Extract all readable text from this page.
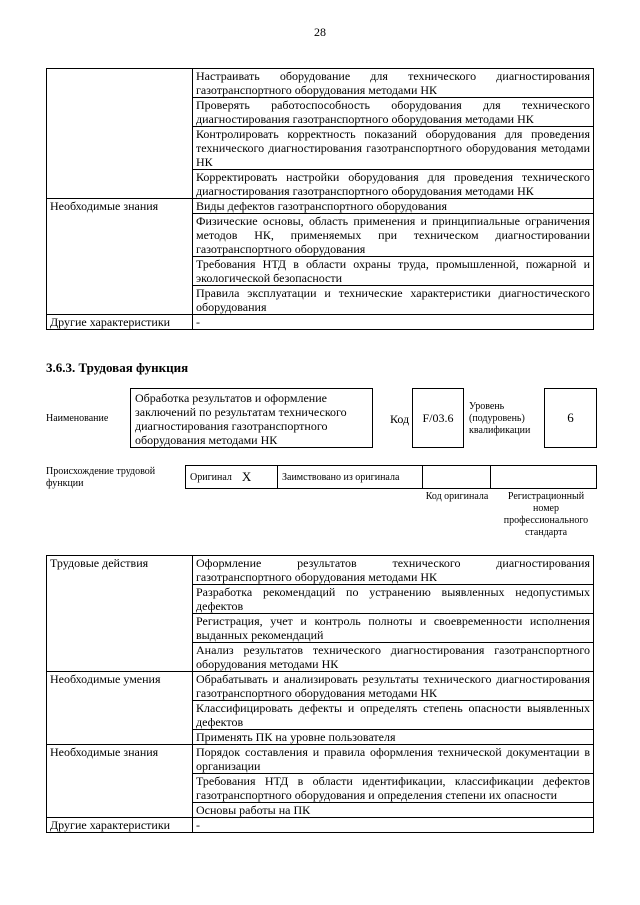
28
	Настраивать оборудование для технического диагностирования газотранспортного оборудования методами НК
	Проверять работоспособность оборудования для технического диагностирования газотранспортного оборудования методами НК
	Контролировать корректность показаний оборудования для проведения технического диагностирования газотранспортного оборудования методами НК
	Корректировать настройки оборудования для проведения технического диагностирования газотранспортного оборудования методами НК
Необходимые знания	Виды дефектов газотранспортного оборудования
	Физические основы, область применения и принципиальные ограничения методов НК, применяемых при техническом диагностировании газотранспортного оборудования
	Требования НТД в области охраны труда, промышленной, пожарной и экологической безопасности
	Правила эксплуатации и технические характеристики диагностического оборудования
Другие характеристики	-
3.6.3. Трудовая функция
Наименование
Обработка результатов и оформление заключений по результатам технического диагностирования газотранспортного оборудования методами НК
Код	F/03.6
Уровень (подуровень) квалификации
6
Происхождение трудовой функции
Оригинал X	Заимствовано из оригинала
Код оригинала	Регистрационный номер профессионального стандарта
Трудовые действия	Оформление результатов технического диагностирования газотранспортного оборудования методами НК
	Разработка рекомендаций по устранению выявленных недопустимых дефектов
	Регистрация, учет и контроль полноты и своевременности исполнения выданных рекомендаций
	Анализ результатов технического диагностирования газотранспортного оборудования методами НК
Необходимые умения	Обрабатывать и анализировать результаты технического диагностирования газотранспортного оборудования методами НК
	Классифицировать дефекты и определять степень опасности выявленных дефектов
	Применять ПК на уровне пользователя
Необходимые знания	Порядок составления и правила оформления технической документации в организации
	Требования НТД в области идентификации, классификации дефектов газотранспортного оборудования и определения степени их опасности
	Основы работы на ПК
Другие характеристики	-
